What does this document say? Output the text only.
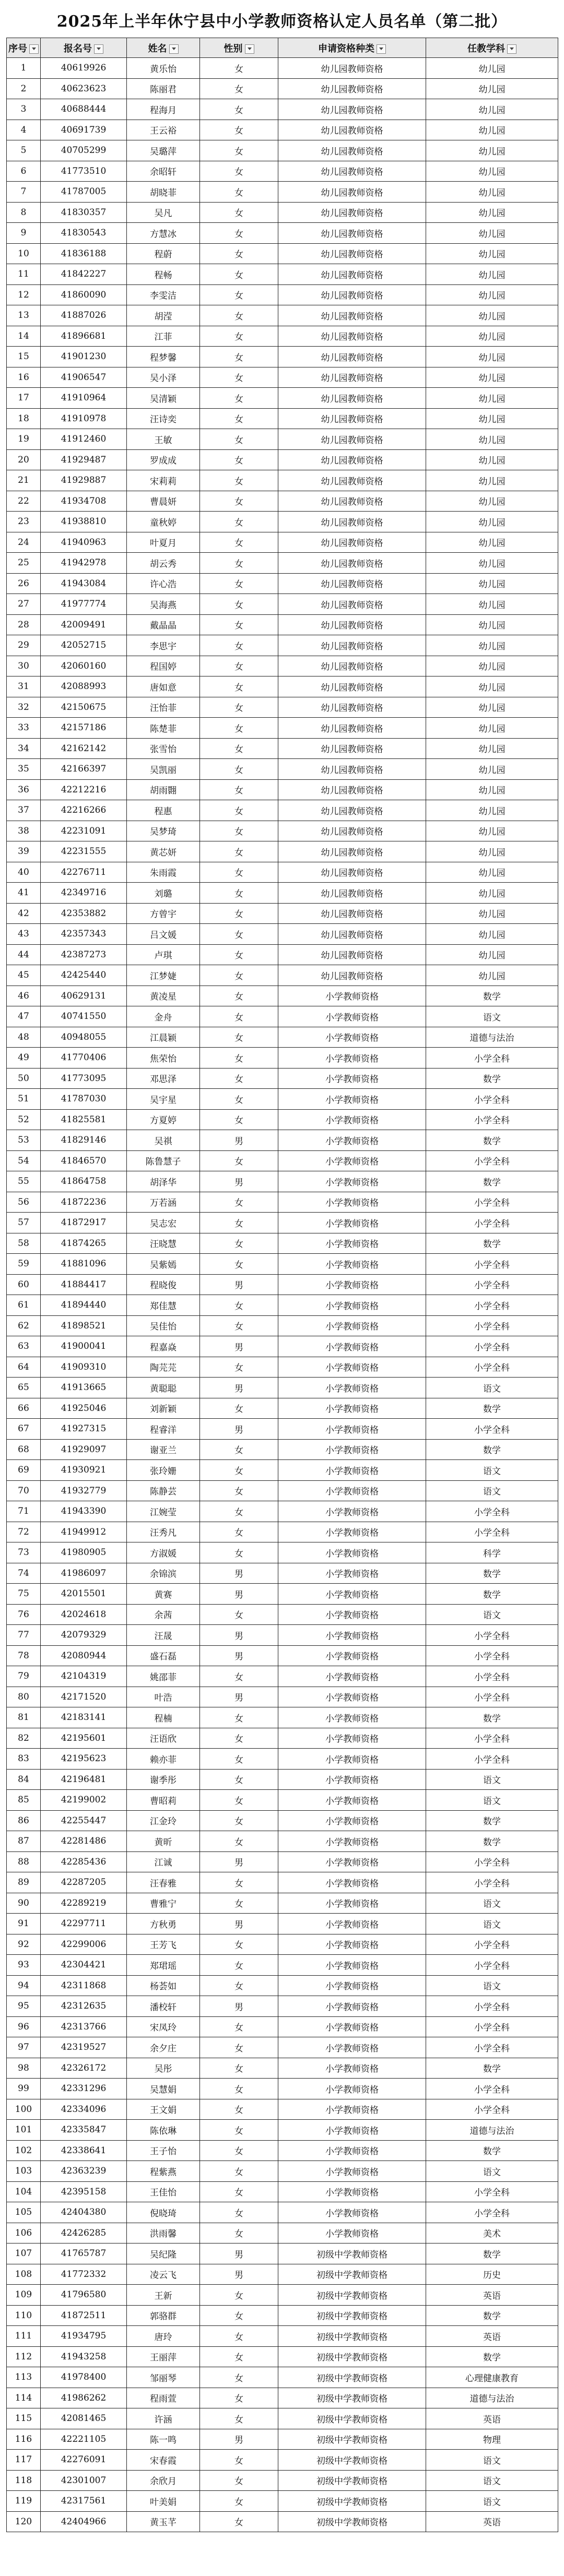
2025年上半年休宁县中小学教师资格认定人员名单（第二批）
序号	报名号	姓名	性别	申请资格种类	任教学科
1	40619926	黄乐怡	女	幼儿园教师资格	幼儿园
2	40623623	陈丽君	女	幼儿园教师资格	幼儿园
3	40688444	程海月	女	幼儿园教师资格	幼儿园
4	40691739	王云裕	女	幼儿园教师资格	幼儿园
5	40705299	吴璐萍	女	幼儿园教师资格	幼儿园
6	41773510	余昭轩	女	幼儿园教师资格	幼儿园
7	41787005	胡晓菲	女	幼儿园教师资格	幼儿园
8	41830357	吴凡	女	幼儿园教师资格	幼儿园
9	41830543	方慧冰	女	幼儿园教师资格	幼儿园
10	41836188	程蔚	女	幼儿园教师资格	幼儿园
11	41842227	程畅	女	幼儿园教师资格	幼儿园
12	41860090	李雯洁	女	幼儿园教师资格	幼儿园
13	41887026	胡滢	女	幼儿园教师资格	幼儿园
14	41896681	江菲	女	幼儿园教师资格	幼儿园
15	41901230	程梦馨	女	幼儿园教师资格	幼儿园
16	41906547	吴小泽	女	幼儿园教师资格	幼儿园
17	41910964	吴清颖	女	幼儿园教师资格	幼儿园
18	41910978	汪诗奕	女	幼儿园教师资格	幼儿园
19	41912460	王敏	女	幼儿园教师资格	幼儿园
20	41929487	罗成成	女	幼儿园教师资格	幼儿园
21	41929887	宋莉莉	女	幼儿园教师资格	幼儿园
22	41934708	曹晨妍	女	幼儿园教师资格	幼儿园
23	41938810	童秋婷	女	幼儿园教师资格	幼儿园
24	41940963	叶夏月	女	幼儿园教师资格	幼儿园
25	41942978	胡云秀	女	幼儿园教师资格	幼儿园
26	41943084	许心浩	女	幼儿园教师资格	幼儿园
27	41977774	吴海燕	女	幼儿园教师资格	幼儿园
28	42009491	戴晶晶	女	幼儿园教师资格	幼儿园
29	42052715	李思宇	女	幼儿园教师资格	幼儿园
30	42060160	程国婷	女	幼儿园教师资格	幼儿园
31	42088993	唐如意	女	幼儿园教师资格	幼儿园
32	42150675	汪怡菲	女	幼儿园教师资格	幼儿园
33	42157186	陈楚菲	女	幼儿园教师资格	幼儿园
34	42162142	张雪怡	女	幼儿园教师资格	幼儿园
35	42166397	吴凯丽	女	幼儿园教师资格	幼儿园
36	42212216	胡雨翾	女	幼儿园教师资格	幼儿园
37	42216266	程惠	女	幼儿园教师资格	幼儿园
38	42231091	吴梦琦	女	幼儿园教师资格	幼儿园
39	42231555	黄芯妍	女	幼儿园教师资格	幼儿园
40	42276711	朱雨霞	女	幼儿园教师资格	幼儿园
41	42349716	刘璐	女	幼儿园教师资格	幼儿园
42	42353882	方曾宇	女	幼儿园教师资格	幼儿园
43	42357343	吕文媛	女	幼儿园教师资格	幼儿园
44	42387273	卢琪	女	幼儿园教师资格	幼儿园
45	42425440	江梦婕	女	幼儿园教师资格	幼儿园
46	40629131	黄凌星	女	小学教师资格	数学
47	40741550	金舟	女	小学教师资格	语文
48	40948055	江晨颖	女	小学教师资格	道德与法治
49	41770406	焦荣怡	女	小学教师资格	小学全科
50	41773095	邓思泽	女	小学教师资格	数学
51	41787030	吴宇星	女	小学教师资格	小学全科
52	41825581	方夏婷	女	小学教师资格	小学全科
53	41829146	吴祺	男	小学教师资格	数学
54	41846570	陈鲁慧子	女	小学教师资格	小学全科
55	41864758	胡泽华	男	小学教师资格	数学
56	41872236	万若涵	女	小学教师资格	小学全科
57	41872917	吴志宏	女	小学教师资格	小学全科
58	41874265	汪晓慧	女	小学教师资格	数学
59	41881096	吴紫嫣	女	小学教师资格	小学全科
60	41884417	程晓俊	男	小学教师资格	小学全科
61	41894440	郑佳慧	女	小学教师资格	小学全科
62	41898521	吴佳怡	女	小学教师资格	小学全科
63	41900041	程嘉焱	男	小学教师资格	小学全科
64	41909310	陶芫芫	女	小学教师资格	小学全科
65	41913665	黄聪聪	男	小学教师资格	语文
66	41925046	刘新颖	女	小学教师资格	数学
67	41927315	程睿洋	男	小学教师资格	小学全科
68	41929097	谢亚兰	女	小学教师资格	数学
69	41930921	张玲姗	女	小学教师资格	语文
70	41932779	陈静芸	女	小学教师资格	语文
71	41943390	江婉莹	女	小学教师资格	小学全科
72	41949912	汪秀凡	女	小学教师资格	小学全科
73	41980905	方淑媛	女	小学教师资格	科学
74	41986097	余锦滨	男	小学教师资格	数学
75	42015501	黄赛	男	小学教师资格	数学
76	42024618	余茜	女	小学教师资格	语文
77	42079329	汪晟	男	小学教师资格	小学全科
78	42080944	盛石磊	男	小学教师资格	小学全科
79	42104319	姚邵菲	女	小学教师资格	小学全科
80	42171520	叶浩	男	小学教师资格	小学全科
81	42183141	程楠	女	小学教师资格	数学
82	42195601	汪语欣	女	小学教师资格	小学全科
83	42195623	赖亦菲	女	小学教师资格	小学全科
84	42196481	谢季彤	女	小学教师资格	语文
85	42199002	曹昭莉	女	小学教师资格	语文
86	42255447	江金玲	女	小学教师资格	数学
87	42281486	黄昕	女	小学教师资格	数学
88	42285436	江诚	男	小学教师资格	小学全科
89	42287205	汪春雅	女	小学教师资格	小学全科
90	42289219	曹雅宁	女	小学教师资格	语文
91	42297711	方秋勇	男	小学教师资格	语文
92	42299006	王芳飞	女	小学教师资格	小学全科
93	42304421	郑珺瑶	女	小学教师资格	小学全科
94	42311868	杨荟如	女	小学教师资格	语文
95	42312635	潘校轩	男	小学教师资格	小学全科
96	42313766	宋凤玲	女	小学教师资格	小学全科
97	42319527	余夕庄	女	小学教师资格	小学全科
98	42326172	吴彤	女	小学教师资格	数学
99	42331296	吴慧娟	女	小学教师资格	小学全科
100	42334096	王文娟	女	小学教师资格	小学全科
101	42335847	陈依琳	女	小学教师资格	道德与法治
102	42338641	王子怡	女	小学教师资格	数学
103	42363239	程紫燕	女	小学教师资格	语文
104	42395158	王佳怡	女	小学教师资格	小学全科
105	42404380	倪晓琦	女	小学教师资格	小学全科
106	42426285	洪雨馨	女	小学教师资格	美术
107	41765787	吴纪隆	男	初级中学教师资格	数学
108	41772332	凌云飞	男	初级中学教师资格	历史
109	41796580	王新	女	初级中学教师资格	英语
110	41872511	郭骆群	女	初级中学教师资格	数学
111	41934795	唐玲	女	初级中学教师资格	英语
112	41943258	王丽萍	女	初级中学教师资格	数学
113	41978400	邹丽琴	女	初级中学教师资格	心理健康教育
114	41986262	程雨萱	女	初级中学教师资格	道德与法治
115	42081465	许涵	女	初级中学教师资格	英语
116	42221105	陈一鸣	男	初级中学教师资格	物理
117	42276091	宋春霞	女	初级中学教师资格	语文
118	42301007	余欣月	女	初级中学教师资格	语文
119	42317561	叶美娟	女	初级中学教师资格	语文
120	42404966	黄玉芊	女	初级中学教师资格	英语
